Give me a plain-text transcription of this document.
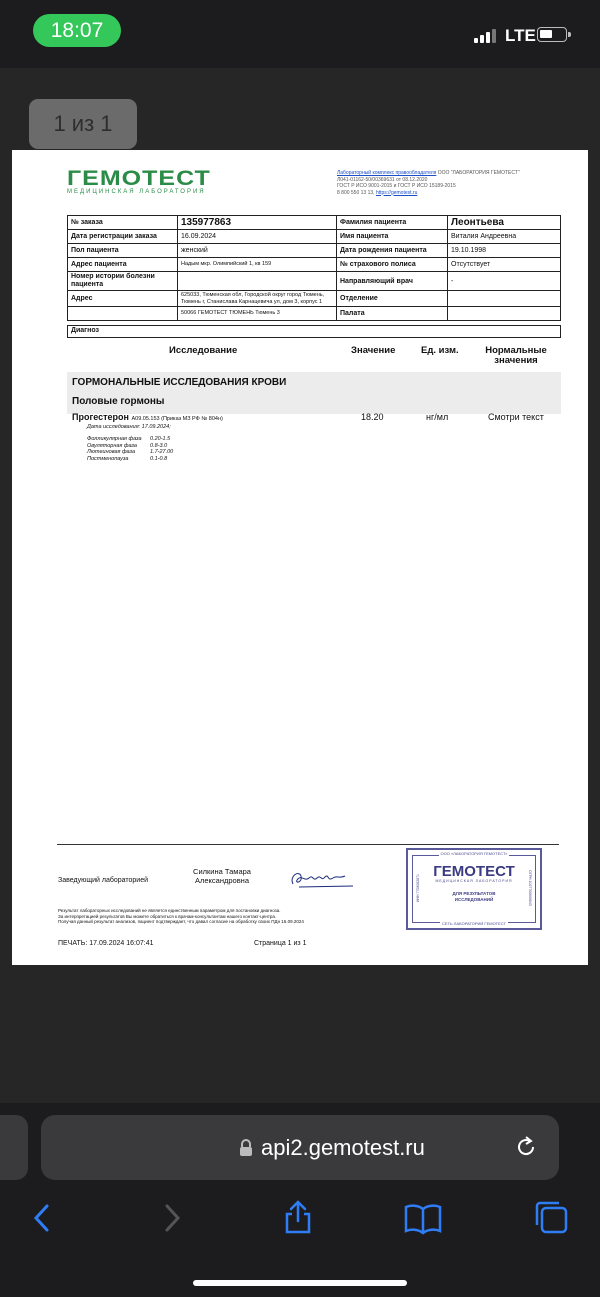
18:07	LTE
1 из 1
ГЕМОТЕСТ
МЕДИЦИНСКАЯ ЛАБОРАТОРИЯ
Лабораторный комплекс правообладателя ООО "ЛАБОРАТОРИЯ ГЕМОТЕСТ"
Л041-01162-50/00369631 от 08.12.2020
ГОСТ Р ИСО 9001-2015 и ГОСТ Р ИСО 15189-2015
8 800 550 13 13, https://gemotest.ru
№ заказа	135977863	Фамилия пациента	Леонтьева
Дата регистрации заказа	16.09.2024	Имя пациента	Виталия Андреевна
Пол пациента	женский	Дата рождения пациента	19.10.1998
Адрес пациента	Надым мкр. Олимпийский 1, кв 159	№ страхового полиса	Отсутствует
Номер истории болезни пациента		Направляющий врач	-
Адрес	625033, Тюменская обл, Городской округ город Тюмень, Тюмень г, Станислава Карнацевича ул, дом 3, корпус 1	Отделение	
	50066 ГЕМОТЕСТ ТЮМЕНЬ Тюмень 3	Палата	
Диагноз
Исследование	Значение	Ед. изм.	Нормальные значения
ГОРМОНАЛЬНЫЕ ИССЛЕДОВАНИЯ КРОВИ
Половые гормоны
Прогестерон A09.05.153 (Приказ МЗ РФ № 804н)	18.20	нг/мл	Смотри текст
Дата исследования: 17.09.2024;
Фолликулярная фаза 0.20-1.5
Овуляторная фаза 0.8-3.0
Лютеиновая фаза	1.7-27.00
Постменопауза	0.1-0.8
Заведующий лабораторией
Силкина Тамара Александровна
Результат лабораторных исследований не является единственным параметром для постановки диагноза.
За интерпретацией результатов Вы можете обратиться к врачам-консультантам нашего контакт-центра.
Получая данный результат анализов, пациент подтверждает, что давал согласие на обработку своих ПДн 16.09.2024
ПЕЧАТЬ: 17.09.2024 16:07:41	Страница 1 из 1
ООО «ЛАБОРАТОРИЯ ГЕМОТЕСТ»
ИНН 7708082871	ОГРН 1027700608843
ГЕМОТЕСТ
МЕДИЦИНСКАЯ ЛАБОРАТОРИЯ
ДЛЯ РЕЗУЛЬТАТОВ
ИССЛЕДОВАНИЙ
СЕТЬ ЛАБОРАТОРИЙ ГЕМОТЕСТ
api2.gemotest.ru
